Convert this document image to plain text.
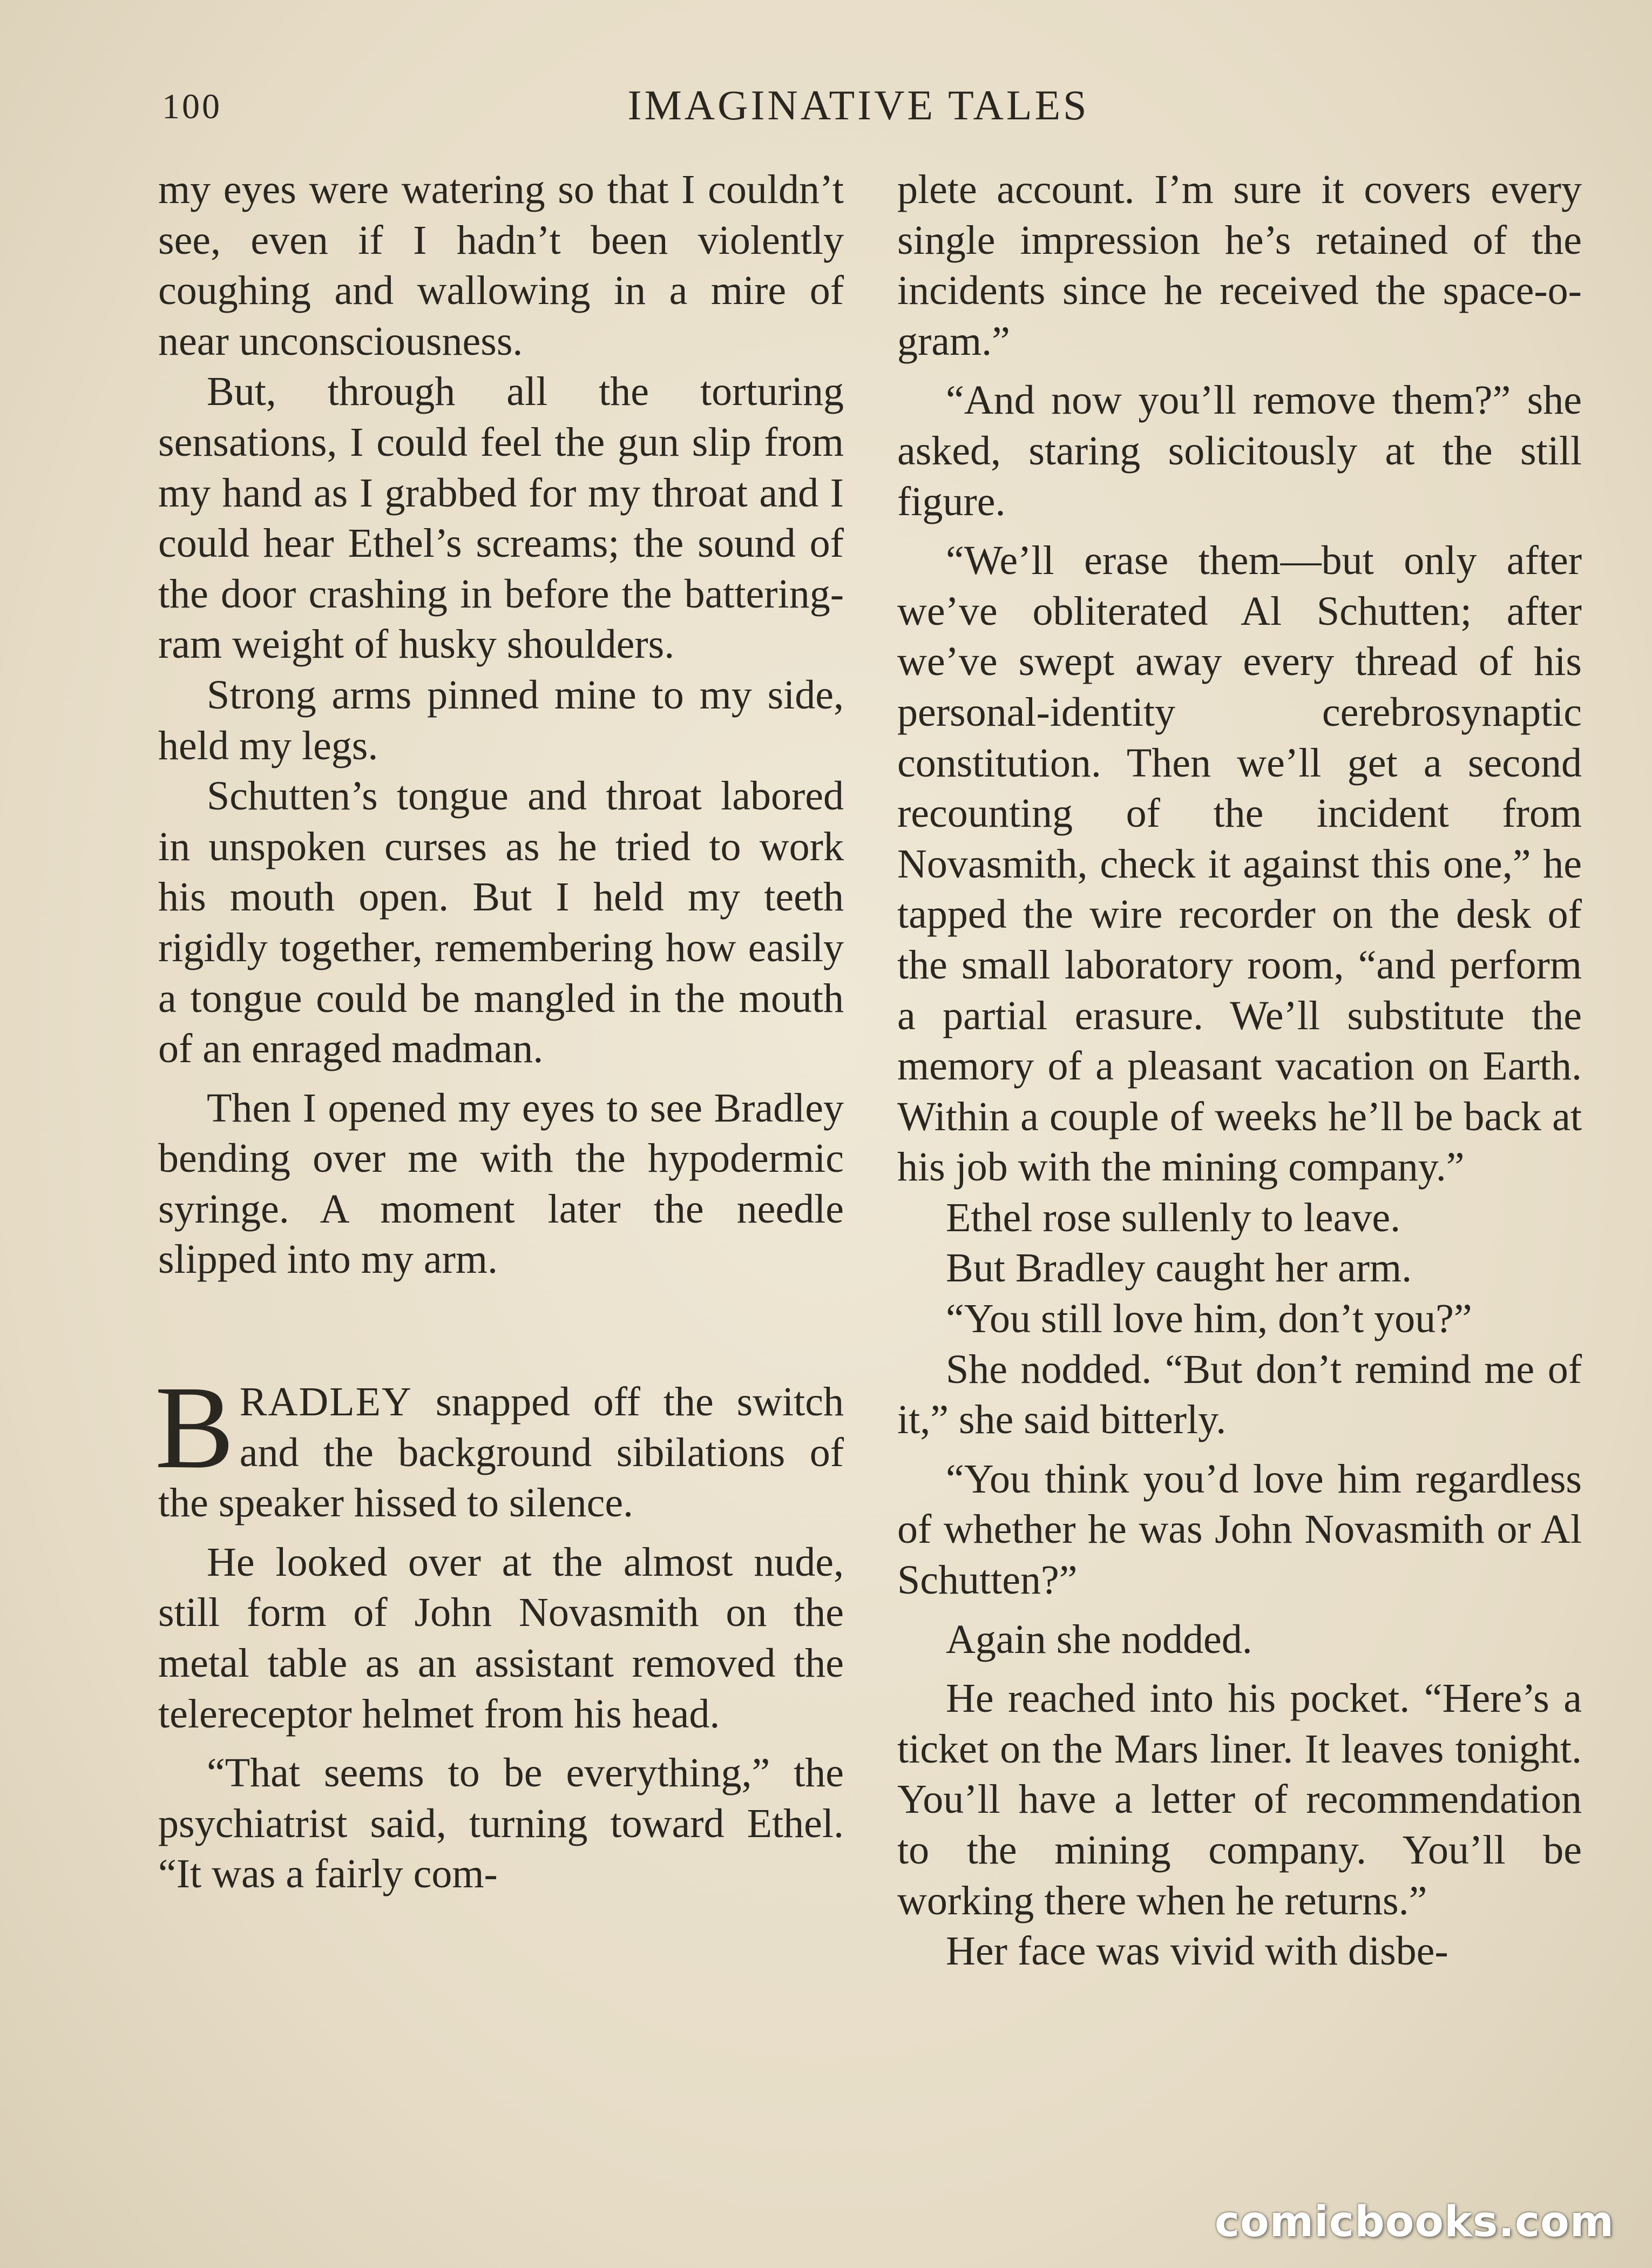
100	IMAGINATIVE TALES

my eyes were watering so that I couldn’t see, even if I hadn’t been violently coughing and wallowing in a mire of near unconsciousness.

But, through all the torturing sensations, I could feel the gun slip from my hand as I grabbed for my throat and I could hear Ethel’s screams; the sound of the door crashing in before the battering-ram weight of husky shoulders.

Strong arms pinned mine to my side, held my legs.

Schutten’s tongue and throat labored in unspoken curses as he tried to work his mouth open. But I held my teeth rigidly together, remembering how easily a tongue could be mangled in the mouth of an enraged madman.

Then I opened my eyes to see Bradley bending over me with the hypodermic syringe. A moment later the needle slipped into my arm.

BRADLEY snapped off the switch and the background sibilations of the speaker hissed to silence.

He looked over at the almost nude, still form of John Novasmith on the metal table as an assistant removed the telereceptor helmet from his head.

“That seems to be everything,” the psychiatrist said, turning toward Ethel. “It was a fairly com-

plete account. I’m sure it covers every single impression he’s retained of the incidents since he received the space-o-gram.”

“And now you’ll remove them?” she asked, staring solicitously at the still figure.

“We’ll erase them—but only after we’ve obliterated Al Schutten; after we’ve swept away every thread of his personal-identity cerebrosynaptic constitution. Then we’ll get a second recounting of the incident from Novasmith, check it against this one,” he tapped the wire recorder on the desk of the small laboratory room, “and perform a partial erasure. We’ll substitute the memory of a pleasant vacation on Earth. Within a couple of weeks he’ll be back at his job with the mining company.”

Ethel rose sullenly to leave.

But Bradley caught her arm.

“You still love him, don’t you?”

She nodded. “But don’t remind me of it,” she said bitterly.

“You think you’d love him regardless of whether he was John Novasmith or Al Schutten?”

Again she nodded.

He reached into his pocket. “Here’s a ticket on the Mars liner. It leaves tonight. You’ll have a letter of recommendation to the mining company. You’ll be working there when he returns.”

Her face was vivid with disbe-

comicbooks.com
